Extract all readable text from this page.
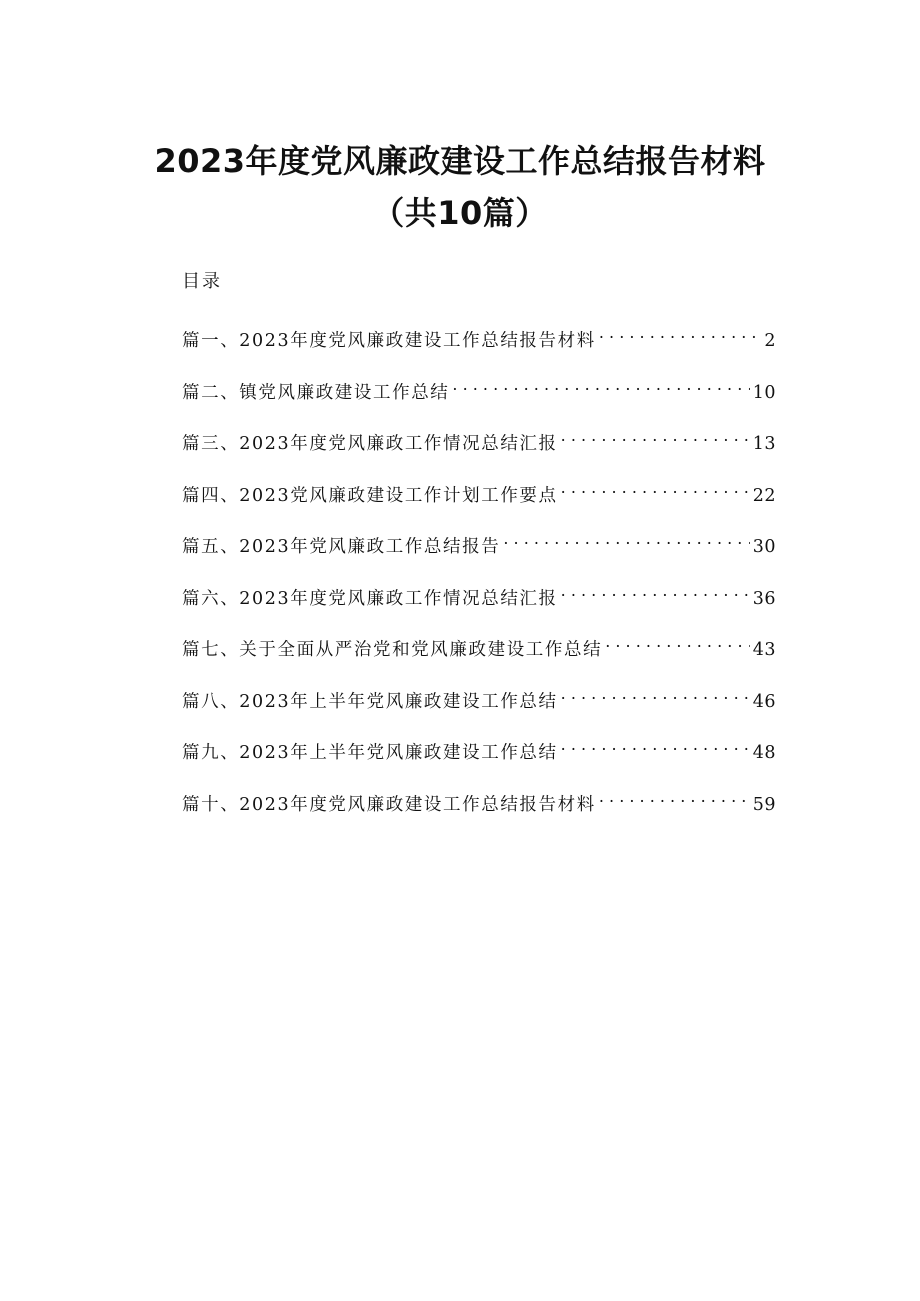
2023年度党风廉政建设工作总结报告材料
（共10篇）
目录
篇一、2023年度党风廉政建设工作总结报告材料 . . .	2
篇二、镇党风廉政建设工作总结 . . .	10
篇三、2023年度党风廉政工作情况总结汇报 . . .	13
篇四、2023党风廉政建设工作计划工作要点 . . .	22
篇五、2023年党风廉政工作总结报告 . . .	30
篇六、2023年度党风廉政工作情况总结汇报 . . .	36
篇七、关于全面从严治党和党风廉政建设工作总结 . . .	43
篇八、2023年上半年党风廉政建设工作总结 . . .	46
篇九、2023年上半年党风廉政建设工作总结 . . .	48
篇十、2023年度党风廉政建设工作总结报告材料 . . .	59
